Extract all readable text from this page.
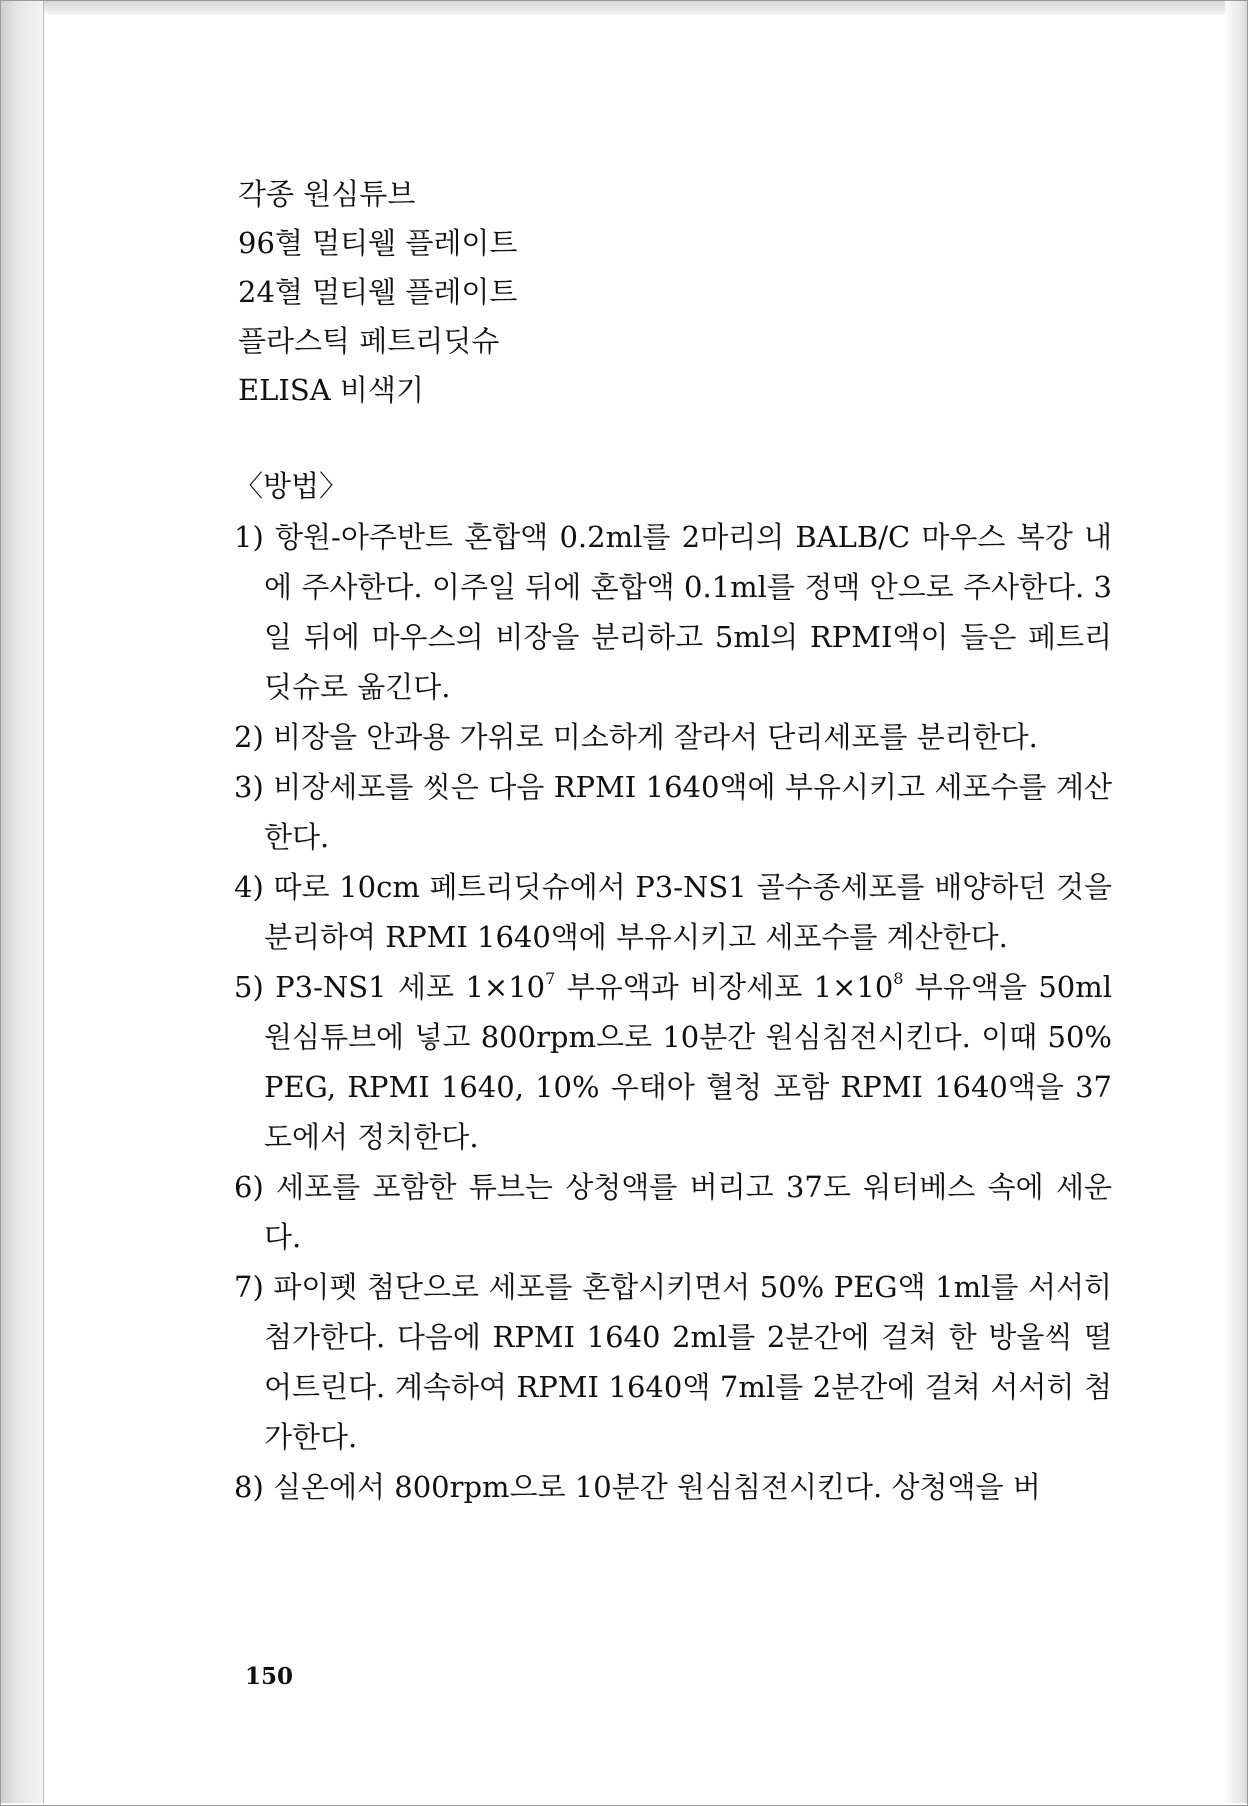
각종 원심튜브
96혈 멀티웰 플레이트
24혈 멀티웰 플레이트
플라스틱 페트리딧슈
ELISA 비색기
〈방법〉
1) 항원-아주반트 혼합액 0.2ml를 2마리의 BALB/C 마우스 복강 내에 주사한다. 이주일 뒤에 혼합액 0.1ml를 정맥 안으로 주사한다. 3일 뒤에 마우스의 비장을 분리하고 5ml의 RPMI액이 들은 페트리딧슈로 옮긴다.
2) 비장을 안과용 가위로 미소하게 잘라서 단리세포를 분리한다.
3) 비장세포를 씻은 다음 RPMI 1640액에 부유시키고 세포수를 계산한다.
4) 따로 10cm 페트리딧슈에서 P3-NS1 골수종세포를 배양하던 것을 분리하여 RPMI 1640액에 부유시키고 세포수를 계산한다.
5) P3-NS1 세포 $1\times 10^7$ 부유액과 비장세포 $1\times 10^8$ 부유액을 50ml 원심튜브에 넣고 800rpm으로 10분간 원심침전시킨다. 이때 50% PEG, RPMI 1640, 10% 우태아 혈청 포함 RPMI 1640액을 37도에서 정치한다.
6) 세포를 포함한 튜브는 상청액를 버리고 37도 워터베스 속에 세운다.
7) 파이펫 첨단으로 세포를 혼합시키면서 50% PEG액 1ml를 서서히 첨가한다. 다음에 RPMI 1640 2ml를 2분간에 걸쳐 한 방울씩 떨어트린다. 계속하여 RPMI 1640액 7ml를 2분간에 걸쳐 서서히 첨가한다.
8) 실온에서 800rpm으로 10분간 원심침전시킨다. 상청액을 버
150
